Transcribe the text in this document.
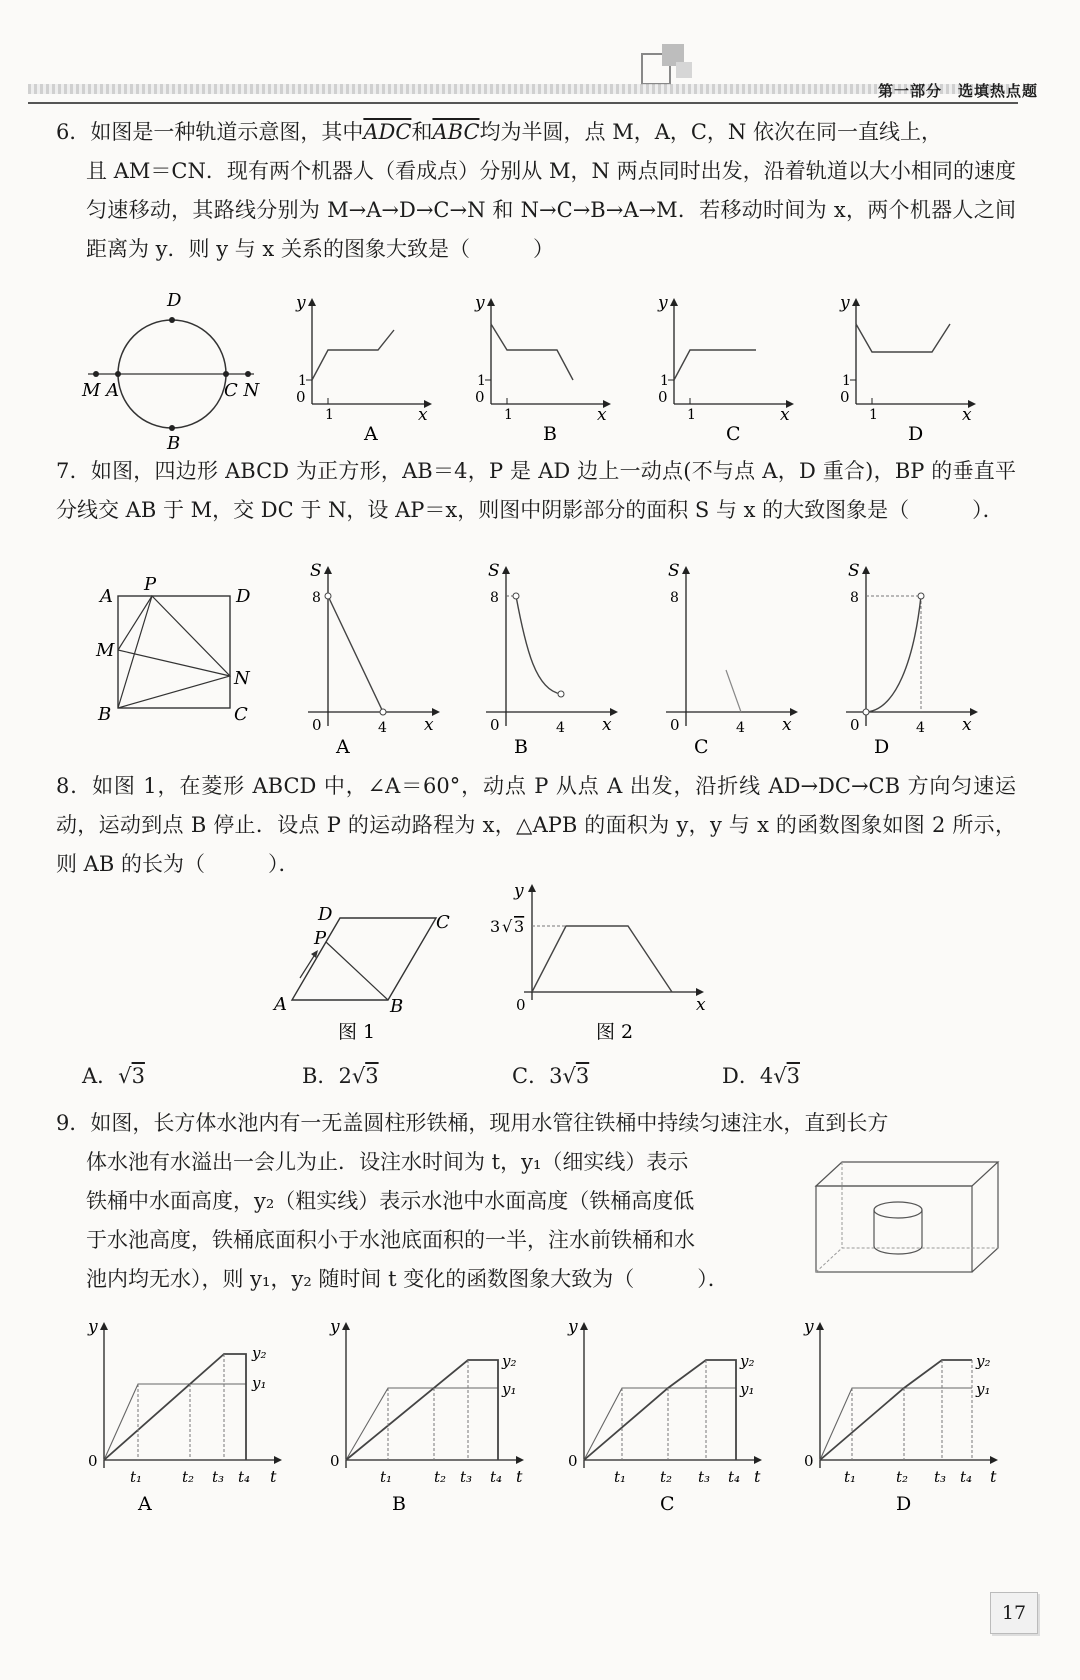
第一部分　选填热点题
6．如图是一种轨道示意图，其中$\overline{ADC}$和$\overline{ABC}$均为半圆，点 M，A，C，N 依次在同一直线上，

且 AM＝CN．现有两个机器人（看成点）分别从 M，N 两点同时出发，沿着轨道以大小相同的速度匀速移动，其路线分别为 M→A→D→C→N 和 N→C→B→A→M．若移动时间为 x，两个机器人之间距离为 y．则 y 与 x 关系的图象大致是（　　　）
D
B
M A	C N
y
x
0
1
1
A
y
x
0
1
1
B
y
x
0
1
1
C
y
x
0
1
1
D
7．如图，四边形 ABCD 为正方形，AB＝4，P 是 AD 边上一动点(不与点 A，D 重合)，BP 的垂直平分线交 AB 于 M，交 DC 于 N，设 AP＝x，则图中阴影部分的面积 S 与 x 的大致图象是（　　　）．
A
P
D
M
N
B	C
S
8
0	4 x
A
S
8
0	4 x
B
S
8
0	4 x
C
S
8
0	4 x
D
8．如图 1，在菱形 ABCD 中，∠A＝60°，动点 P 从点 A 出发，沿折线 AD→DC→CB 方向匀速运动，运动到点 B 停止．设点 P 的运动路程为 x，△APB 的面积为 y，y 与 x 的函数图象如图 2 所示，则 AB 的长为（　　　）．
D	C
P
A	B
图 1
y
x
0
3 √ 3
图 2
A．√3	B．2√3	C．3√3	D．4√3
9．如图，长方体水池内有一无盖圆柱形铁桶，现用水管往铁桶中持续匀速注水，直到长方
体水池有水溢出一会儿为止．设注水时间为 t，y₁（细实线）表示
铁桶中水面高度，y₂（粗实线）表示水池中水面高度（铁桶高度低
于水池高度，铁桶底面积小于水池底面积的一半，注水前铁桶和水
池内均无水），则 y₁，y₂ 随时间 t 变化的函数图象大致为（　　　）．
y
0
t₁	t₂ t₃ t₄ t
y₂
y₁
A
y
0
t₁	t₂ t₃ t₄ t
y₂
y₁
B
y
0
t₁ t₂ t₃ t₄ t
y₂
y₁
C
y
0
t₁	t₂ t₃ t₄ t
y₂
y₁
D
17
